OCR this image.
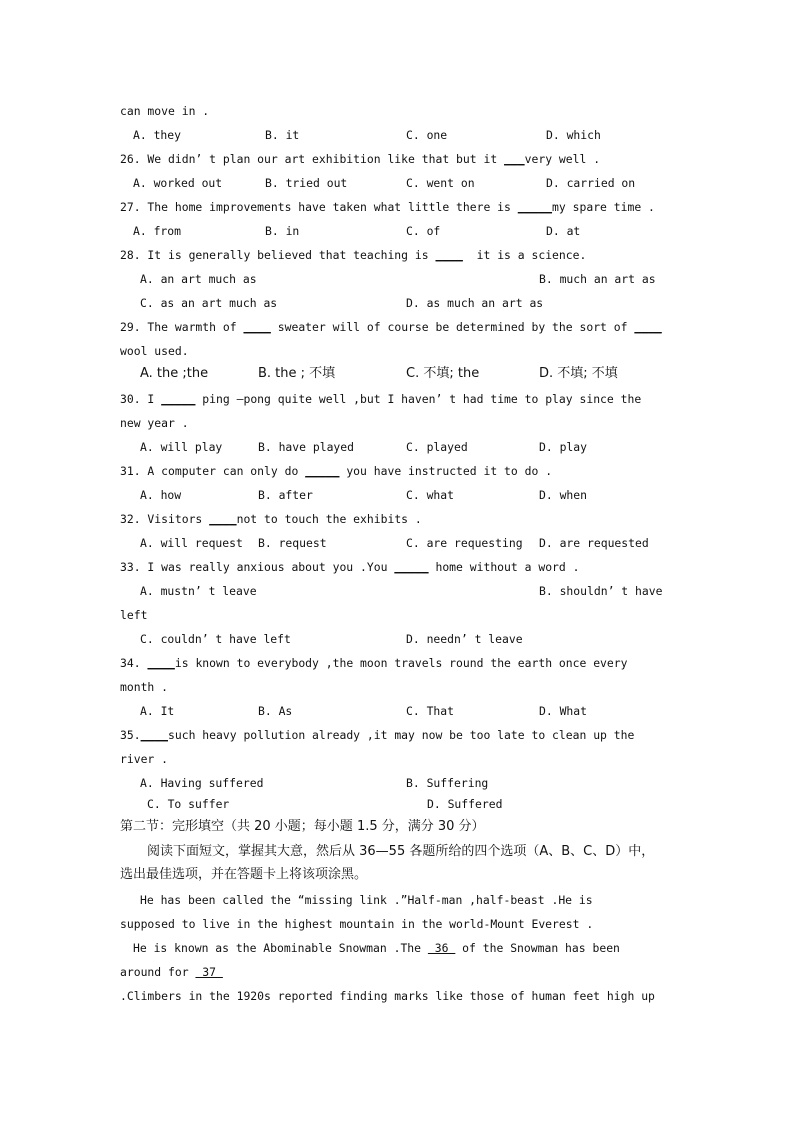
can move in .
A. they	B. it	C. one	D. which
26. We didn’ t plan our art exhibition like that but it ___very well .
A. worked out	B. tried out	C. went on	D. carried on
27. The home improvements have taken what little there is _____my spare time .
A. from	B. in	C. of	D. at
28. It is generally believed that teaching is ____  it is a science.
A. an art much as	B. much an art as
C. as an art much as	D. as much an art as
29. The warmth of ____ sweater will of course be determined by the sort of ____
wool used.
A. the ;the	B. the ; 不填	C. 不填; the	D. 不填; 不填
30. I _____ ping —pong quite well ,but I haven’ t had time to play since the
new year .
A. will play	B. have played	C. played	D. play
31. A computer can only do _____ you have instructed it to do .
A. how	B. after	C. what	D. when
32. Visitors ____not to touch the exhibits .
A. will request B. request	C. are requesting D. are requested
33. I was really anxious about you .You _____ home without a word .
A. mustn’ t leave	B. shouldn’ t have
left
C. couldn’ t have left	D. needn’ t leave
34. ____is known to everybody ,the moon travels round the earth once every
month .
A. It	B. As	C. That	D. What
35.____such heavy pollution already ,it may now be too late to clean up the
river .
A. Having suffered	B. Suffering
C. To suffer	D. Suffered
第二节：完形填空（共 20 小题；每小题 1.5 分，满分 30 分）
阅读下面短文，掌握其大意，然后从 36—55 各题所给的四个选项（A、B、C、D）中，
选出最佳选项，并在答题卡上将该项涂黑。
He has been called the “missing link .”Half-man ,half-beast .He is
supposed to live in the highest mountain in the world-Mount Everest .
He is known as the Abominable Snowman .The  36  of the Snowman has been
around for  37
.Climbers in the 1920s reported finding marks like those of human feet high up
